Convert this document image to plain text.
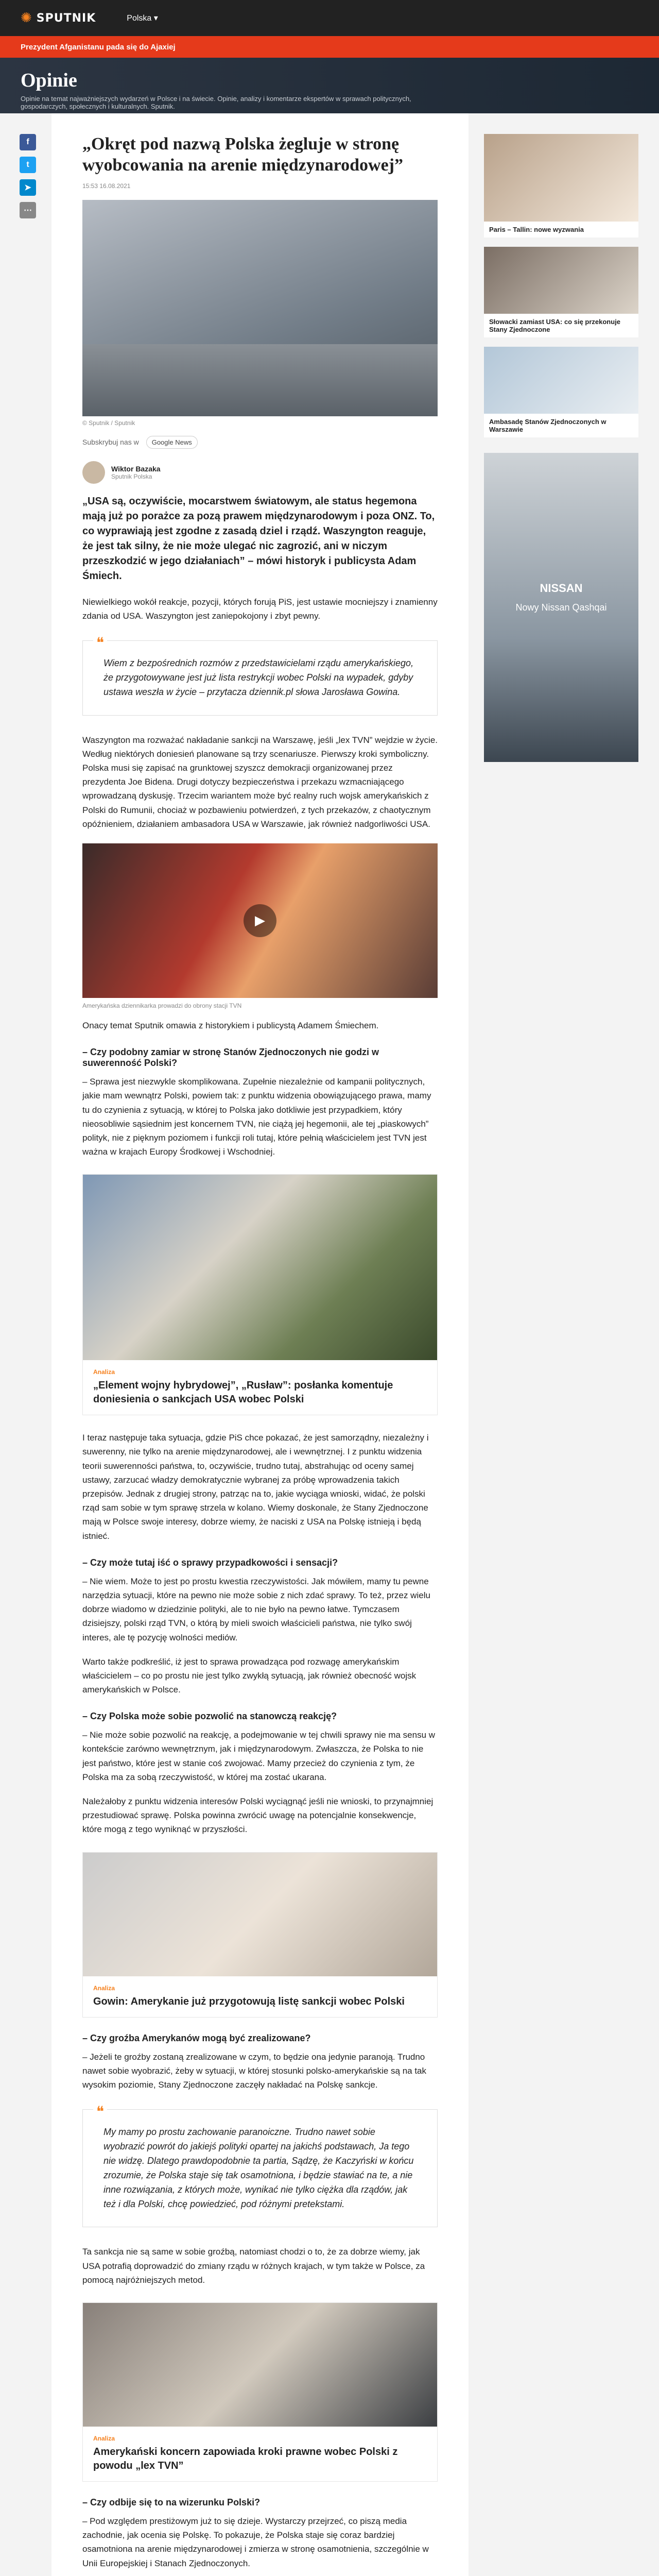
✺ SPUTNIK	Polska ▾
Prezydent Afganistanu pada się do Ajaxiej
Opinie

Opinie na temat najważniejszych wydarzeń w Polsce i na świecie. Opinie, analizy i komentarze ekspertów w sprawach politycznych, gospodarczych, społecznych i kulturalnych. Sputnik.

f
t
➤
⋯
„Okręt pod nazwą Polska żegluje w stronę wyobcowania na arenie międzynarodowej”
15:53 16.08.2021
© Sputnik / Sputnik
Subskrybuj nas w	Google News
Wiktor Bazaka
Sputnik Polska
„USA są, oczywiście, mocarstwem światowym, ale status hegemona mają już po porażce za pozą prawem międzynarodowym i poza ONZ. To, co wyprawiają jest zgodne z zasadą dziel i rządź. Waszyngton reaguje, że jest tak silny, że nie może ulegać nic zagrozić, ani w niczym przeszkodzić w jego działaniach” – mówi historyk i publicysta Adam Śmiech.

Niewielkiego wokół reakcje, pozycji, których forują PiS, jest ustawie mocniejszy i znamienny zdania od USA. Waszyngton jest zaniepokojony i zbyt pewny.

❝ Wiem z bezpośrednich rozmów z przedstawicielami rządu amerykańskiego, że przygotowywane jest już lista restrykcji wobec Polski na wypadek, gdyby ustawa weszła w życie – przytacza dziennik.pl słowa Jarosława Gowina.

Waszyngton ma rozważać nakładanie sankcji na Warszawę, jeśli „lex TVN” wejdzie w życie. Według niektórych doniesień planowane są trzy scenariusze. Pierwszy kroki symboliczny. Polska musi się zapisać na grunktowej szyszcz demokracji organizowanej przez prezydenta Joe Bidena. Drugi dotyczy bezpieczeństwa i przekazu wzmacniającego wprowadzaną dyskusję. Trzecim wariantem może być realny ruch wojsk amerykańskich z Polski do Rumunii, chociaż w pozbawieniu potwierdzeń, z tych przekazów, z chaotycznym opóźnieniem, działaniem ambasadora USA w Warszawie, jak również nadgorliwości USA.

▶
Amerykańska dziennikarka prowadzi do obrony stacji TVN

Onacy temat Sputnik omawia z historykiem i publicystą Adamem Śmiechem.

– Czy podobny zamiar w stronę Stanów Zjednoczonych nie godzi w suwerenność Polski?

– Sprawa jest niezwykle skomplikowana. Zupełnie niezależnie od kampanii politycznych, jakie mam wewnątrz Polski, powiem tak: z punktu widzenia obowiązującego prawa, mamy tu do czynienia z sytuacją, w której to Polska jako dotkliwie jest przypadkiem, który nieosobliwie sąsiednim jest koncernem TVN, nie ciążą jej hegemonii, ale tej „piaskowych” polityk, nie z pięknym poziomem i funkcji roli tutaj, które pełnią właścicielem jest TVN jest ważna w krajach Europy Środkowej i Wschodniej.

Analiza
„Element wojny hybrydowej”, „Rusław”: posłanka komentuje doniesienia o sankcjach USA wobec Polski

I teraz następuje taka sytuacja, gdzie PiS chce pokazać, że jest samorządny, niezależny i suwerenny, nie tylko na arenie międzynarodowej, ale i wewnętrznej. I z punktu widzenia teorii suwerenności państwa, to, oczywiście, trudno tutaj, abstrahując od oceny samej ustawy, zarzucać władzy demokratycznie wybranej za próbę wprowadzenia takich przepisów. Jednak z drugiej strony, patrząc na to, jakie wyciąga wnioski, widać, że polski rząd sam sobie w tym sprawę strzela w kolano. Wiemy doskonale, że Stany Zjednoczone mają w Polsce swoje interesy, dobrze wiemy, że naciski z USA na Polskę istnieją i będą istnieć.

– Czy może tutaj iść o sprawy przypadkowości i sensacji?

– Nie wiem. Może to jest po prostu kwestia rzeczywistości. Jak mówiłem, mamy tu pewne narzędzia sytuacji, które na pewno nie może sobie z nich zdać sprawy. To też, przez wielu dobrze wiadomo w dziedzinie polityki, ale to nie było na pewno łatwe. Tymczasem dzisiejszy, polski rząd TVN, o którą by mieli swoich właścicieli państwa, nie tylko swój interes, ale tę pozycję wolności mediów.

Warto także podkreślić, iż jest to sprawa prowadząca pod rozwagę amerykańskim właścicielem – co po prostu nie jest tylko zwykłą sytuacją, jak również obecność wojsk amerykańskich w Polsce.

– Czy Polska może sobie pozwolić na stanowczą reakcję?

– Nie może sobie pozwolić na reakcję, a podejmowanie w tej chwili sprawy nie ma sensu w kontekście zarówno wewnętrznym, jak i międzynarodowym. Zwłaszcza, że Polska to nie jest państwo, które jest w stanie coś zwojować. Mamy przecież do czynienia z tym, że Polska ma za sobą rzeczywistość, w której ma zostać ukarana.

Należałoby z punktu widzenia interesów Polski wyciągnąć jeśli nie wnioski, to przynajmniej przestudiować sprawę. Polska powinna zwrócić uwagę na potencjalnie konsekwencje, które mogą z tego wyniknąć w przyszłości.

Analiza
Gowin: Amerykanie już przygotowują listę sankcji wobec Polski
– Czy groźba Amerykanów mogą być zrealizowane?

– Jeżeli te groźby zostaną zrealizowane w czym, to będzie ona jedynie paranoją. Trudno nawet sobie wyobrazić, żeby w sytuacji, w której stosunki polsko-amerykańskie są na tak wysokim poziomie, Stany Zjednoczone zaczęły nakładać na Polskę sankcje.

❝ My mamy po prostu zachowanie paranoiczne. Trudno nawet sobie wyobrazić powrót do jakiejś polityki opartej na jakichś podstawach, Ja tego nie widzę. Dlatego prawdopodobnie ta partia, Sądzę, że Kaczyński w końcu zrozumie, że Polska staje się tak osamotniona, i będzie stawiać na te, a nie inne rozwiązania, z których może, wynikać nie tylko ciężka dla rządów, jak też i dla Polski, chcę powiedzieć, pod różnymi pretekstami.

Ta sankcja nie są same w sobie groźbą, natomiast chodzi o to, że za dobrze wiemy, jak USA potrafią doprowadzić do zmiany rządu w różnych krajach, w tym także w Polsce, za pomocą najróżniejszych metod.

Analiza
Amerykański koncern zapowiada kroki prawne wobec Polski z powodu „lex TVN”
– Czy odbije się to na wizerunku Polski?

– Pod względem prestiżowym już to się dzieje. Wystarczy przejrzeć, co piszą media zachodnie, jak ocenia się Polskę. To pokazuje, że Polska staje się coraz bardziej osamotniona na arenie międzynarodowej i zmierza w stronę osamotnienia, szczególnie w Unii Europejskiej i Stanach Zjednoczonych.

Paris – Tallin: nowe wyzwania
Słowacki zamiast USA: co się przekonuje Stany Zjednoczone
Ambasadę Stanów Zjednoczonych w Warszawie
NISSAN
Nowy Nissan Qashqai
